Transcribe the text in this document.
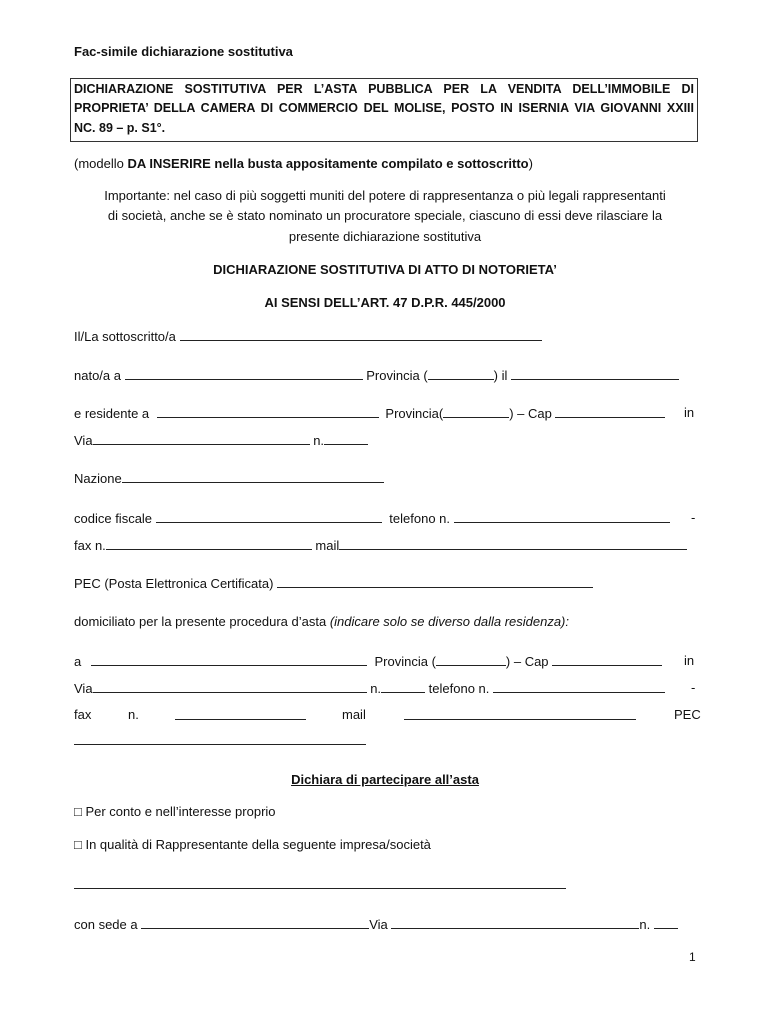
Fac-simile dichiarazione sostitutiva
DICHIARAZIONE SOSTITUTIVA PER L’ASTA PUBBLICA PER LA VENDITA DELL’IMMOBILE DI
PROPRIETA’ DELLA CAMERA DI COMMERCIO DEL MOLISE, POSTO IN ISERNIA VIA GIOVANNI XXIII
NC. 89 – p. S1°.
(modello DA INSERIRE nella busta appositamente compilato e sottoscritto)
Importante: nel caso di più soggetti muniti del potere di rappresentanza o più legali rappresentanti
di società, anche se è stato nominato un procuratore speciale, ciascuno di essi deve rilasciare la
presente dichiarazione sostitutiva
DICHIARAZIONE SOSTITUTIVA DI ATTO DI NOTORIETA’
AI SENSI DELL’ART. 47 D.P.R. 445/2000
Il/La sottoscritto/a
nato/a a	Provincia (	) il
e residente a	Provincia(	) – Cap	in
Via	n.
Nazione
codice fiscale	telefono n.	-
fax n.	mail
PEC (Posta Elettronica Certificata)
domiciliato per la presente procedura d’asta (indicare solo se diverso dalla residenza):
a	Provincia (	) – Cap	in
Via	n.	telefono n.	-
fax	n.	mail	PEC
Dichiara di partecipare all’asta
□ Per conto e nell’interesse proprio
□ In qualità di Rappresentante della seguente impresa/società
con sede a	Via	n.
1
